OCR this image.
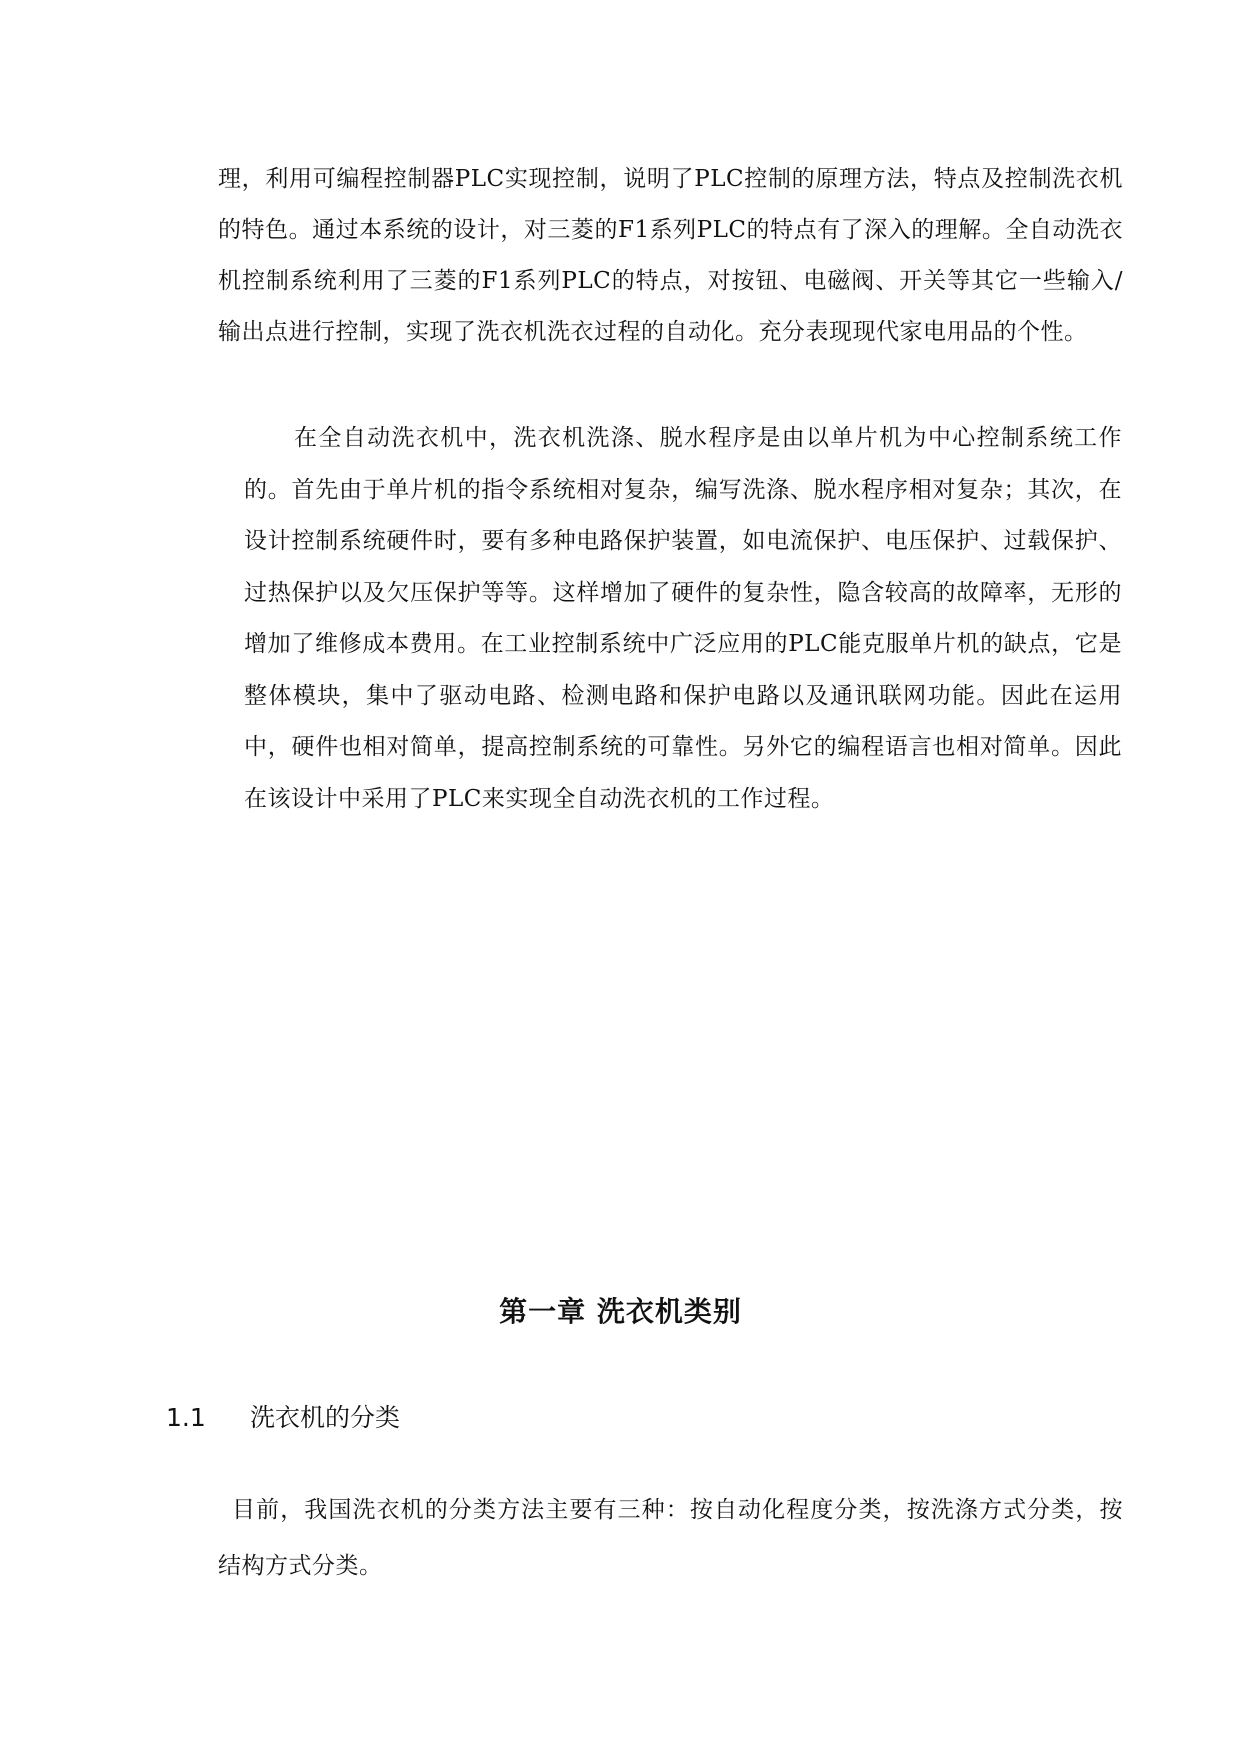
理，利用可编程控制器PLC实现控制，说明了PLC控制的原理方法，特点及控制洗衣机的特色。通过本系统的设计，对三菱的F1系列PLC的特点有了深入的理解。全自动洗衣机控制系统利用了三菱的F1系列PLC的特点，对按钮、电磁阀、开关等其它一些输入/输出点进行控制，实现了洗衣机洗衣过程的自动化。充分表现现代家电用品的个性。

在全自动洗衣机中，洗衣机洗涤、脱水程序是由以单片机为中心控制系统工作的。首先由于单片机的指令系统相对复杂，编写洗涤、脱水程序相对复杂；其次，在设计控制系统硬件时，要有多种电路保护装置，如电流保护、电压保护、过载保护、过热保护以及欠压保护等等。这样增加了硬件的复杂性，隐含较高的故障率，无形的增加了维修成本费用。在工业控制系统中广泛应用的PLC能克服单片机的缺点，它是整体模块，集中了驱动电路、检测电路和保护电路以及通讯联网功能。因此在运用中，硬件也相对简单，提高控制系统的可靠性。另外它的编程语言也相对简单。因此在该设计中采用了PLC来实现全自动洗衣机的工作过程。

第一章 洗衣机类别
1.1 洗衣机的分类

目前，我国洗衣机的分类方法主要有三种：按自动化程度分类，按洗涤方式分类，按结构方式分类。
